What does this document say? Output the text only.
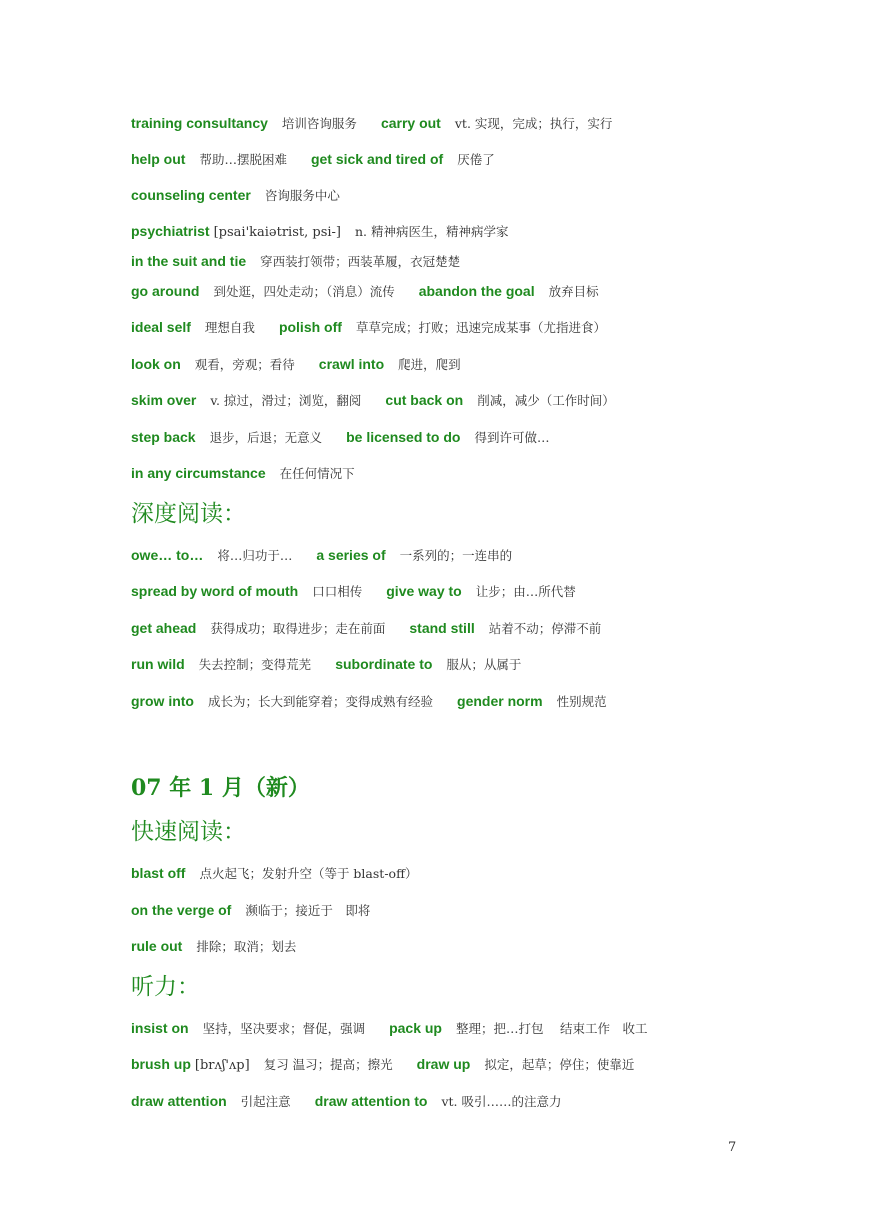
training consultancy 培训咨询服务 carry out vt. 实现，完成；执行，实行
help out 帮助…摆脱困难 get sick and tired of 厌倦了
counseling center 咨询服务中心
psychiatrist [psai'kaiətrist, psi-] n. 精神病医生，精神病学家
in the suit and tie 穿西装打领带；西装革履，衣冠楚楚
go around 到处逛，四处走动；（消息）流传 abandon the goal 放弃目标
ideal self 理想自我 polish off 草草完成；打败；迅速完成某事（尤指进食）
look on 观看，旁观；看待 crawl into 爬进，爬到
skim over v. 掠过，滑过；浏览，翻阅 cut back on 削减，减少（工作时间）
step back 退步，后退；无意义 be licensed to do 得到许可做…
in any circumstance 在任何情况下
深度阅读：
owe… to… 将…归功于… a series of 一系列的；一连串的
spread by word of mouth 口口相传 give way to 让步；由…所代替
get ahead 获得成功；取得进步；走在前面 stand still 站着不动；停滞不前
run wild 失去控制；变得荒芜 subordinate to 服从；从属于
grow into 成长为；长大到能穿着；变得成熟有经验 gender norm 性别规范
07 年 1 月（新）
快速阅读：
blast off 点火起飞；发射升空（等于 blast-off）
on the verge of 濒临于；接近于　即将
rule out 排除；取消；划去
听力：
insist on 坚持，坚决要求；督促，强调 pack up 整理；把…打包　 结束工作　收工
brush up [brʌʃ'ʌp] 复习 温习；提高；擦光 draw up 拟定，起草；停住；使靠近
draw attention 引起注意 draw attention to vt. 吸引……的注意力
7
